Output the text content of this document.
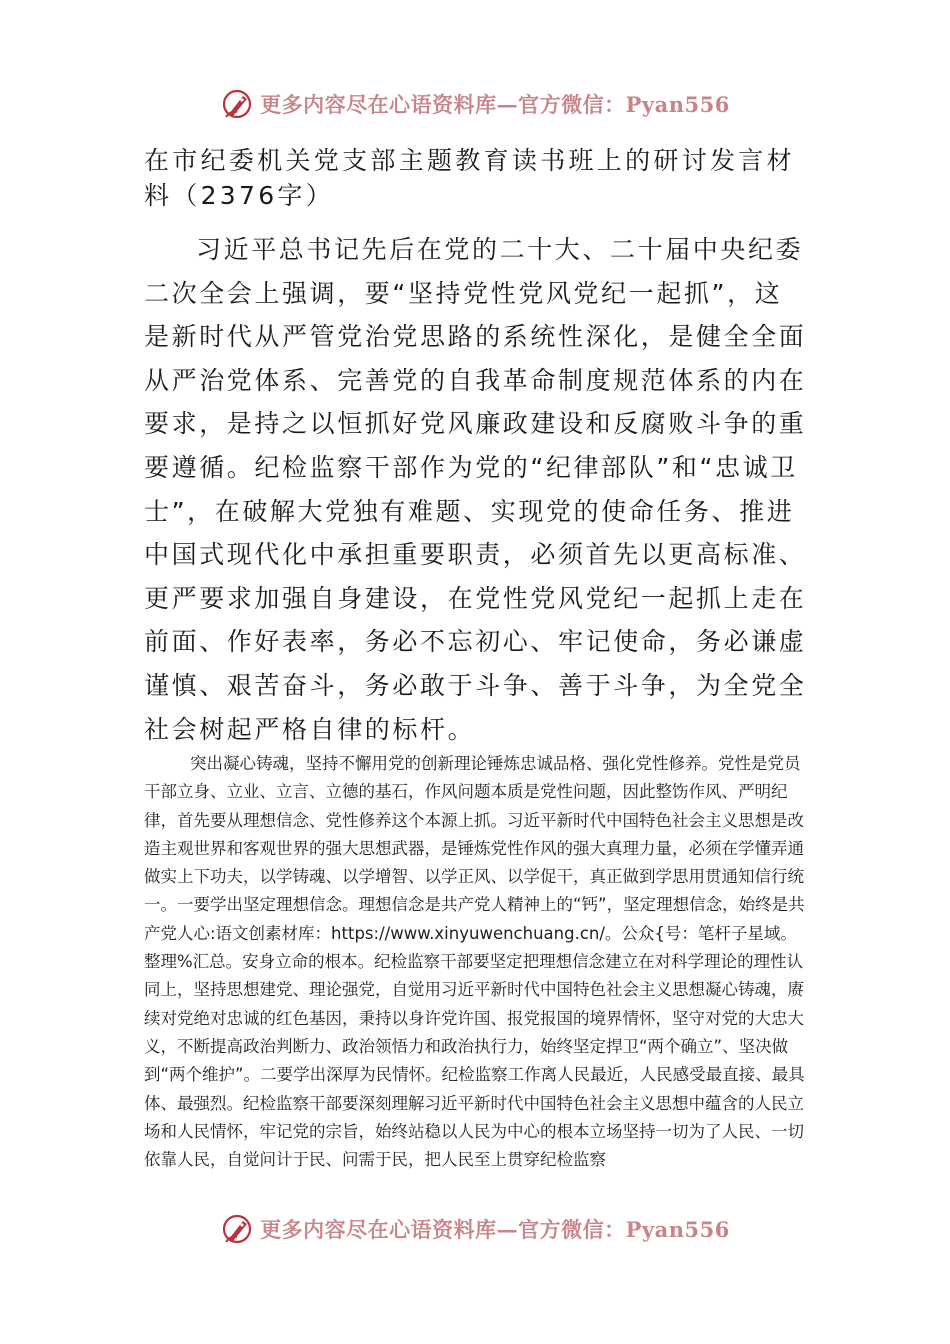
更多内容尽在心语资料库—官方微信：Pyan556
在市纪委机关党支部主题教育读书班上的研讨发言材料（2376字）

习近平总书记先后在党的二十大、二十届中央纪委二次全会上强调，要“坚持党性党风党纪一起抓”，这是新时代从严管党治党思路的系统性深化，是健全全面从严治党体系、完善党的自我革命制度规范体系的内在要求，是持之以恒抓好党风廉政建设和反腐败斗争的重要遵循。纪检监察干部作为党的“纪律部队”和“忠诚卫士”，在破解大党独有难题、实现党的使命任务、推进中国式现代化中承担重要职责，必须首先以更高标准、更严要求加强自身建设，在党性党风党纪一起抓上走在前面、作好表率，务必不忘初心、牢记使命，务必谦虚谨慎、艰苦奋斗，务必敢于斗争、善于斗争，为全党全社会树起严格自律的标杆。

突出凝心铸魂，坚持不懈用党的创新理论锤炼忠诚品格、强化党性修养。党性是党员干部立身、立业、立言、立德的基石，作风问题本质是党性问题，因此整饬作风、严明纪律，首先要从理想信念、党性修养这个本源上抓。习近平新时代中国特色社会主义思想是改造主观世界和客观世界的强大思想武器，是锤炼党性作风的强大真理力量，必须在学懂弄通做实上下功夫，以学铸魂、以学增智、以学正风、以学促干，真正做到学思用贯通知信行统一。一要学出坚定理想信念。理想信念是共产党人精神上的“钙”，坚定理想信念，始终是共产党人心:语文创素材库：https://www.xinyuwenchuang.cn/。公众{号：笔杆子星域。整理%汇总。安身立命的根本。纪检监察干部要坚定把理想信念建立在对科学理论的理性认同上，坚持思想建党、理论强党，自觉用习近平新时代中国特色社会主义思想凝心铸魂，赓续对党绝对忠诚的红色基因，秉持以身许党许国、报党报国的境界情怀，坚守对党的大忠大义，不断提高政治判断力、政治领悟力和政治执行力，始终坚定捍卫“两个确立”、坚决做到“两个维护”。二要学出深厚为民情怀。纪检监察工作离人民最近，人民感受最直接、最具体、最强烈。纪检监察干部要深刻理解习近平新时代中国特色社会主义思想中蕴含的人民立场和人民情怀，牢记党的宗旨，始终站稳以人民为中心的根本立场坚持一切为了人民、一切依靠人民，自觉问计于民、问需于民，把人民至上贯穿纪检监察

更多内容尽在心语资料库—官方微信：Pyan556
